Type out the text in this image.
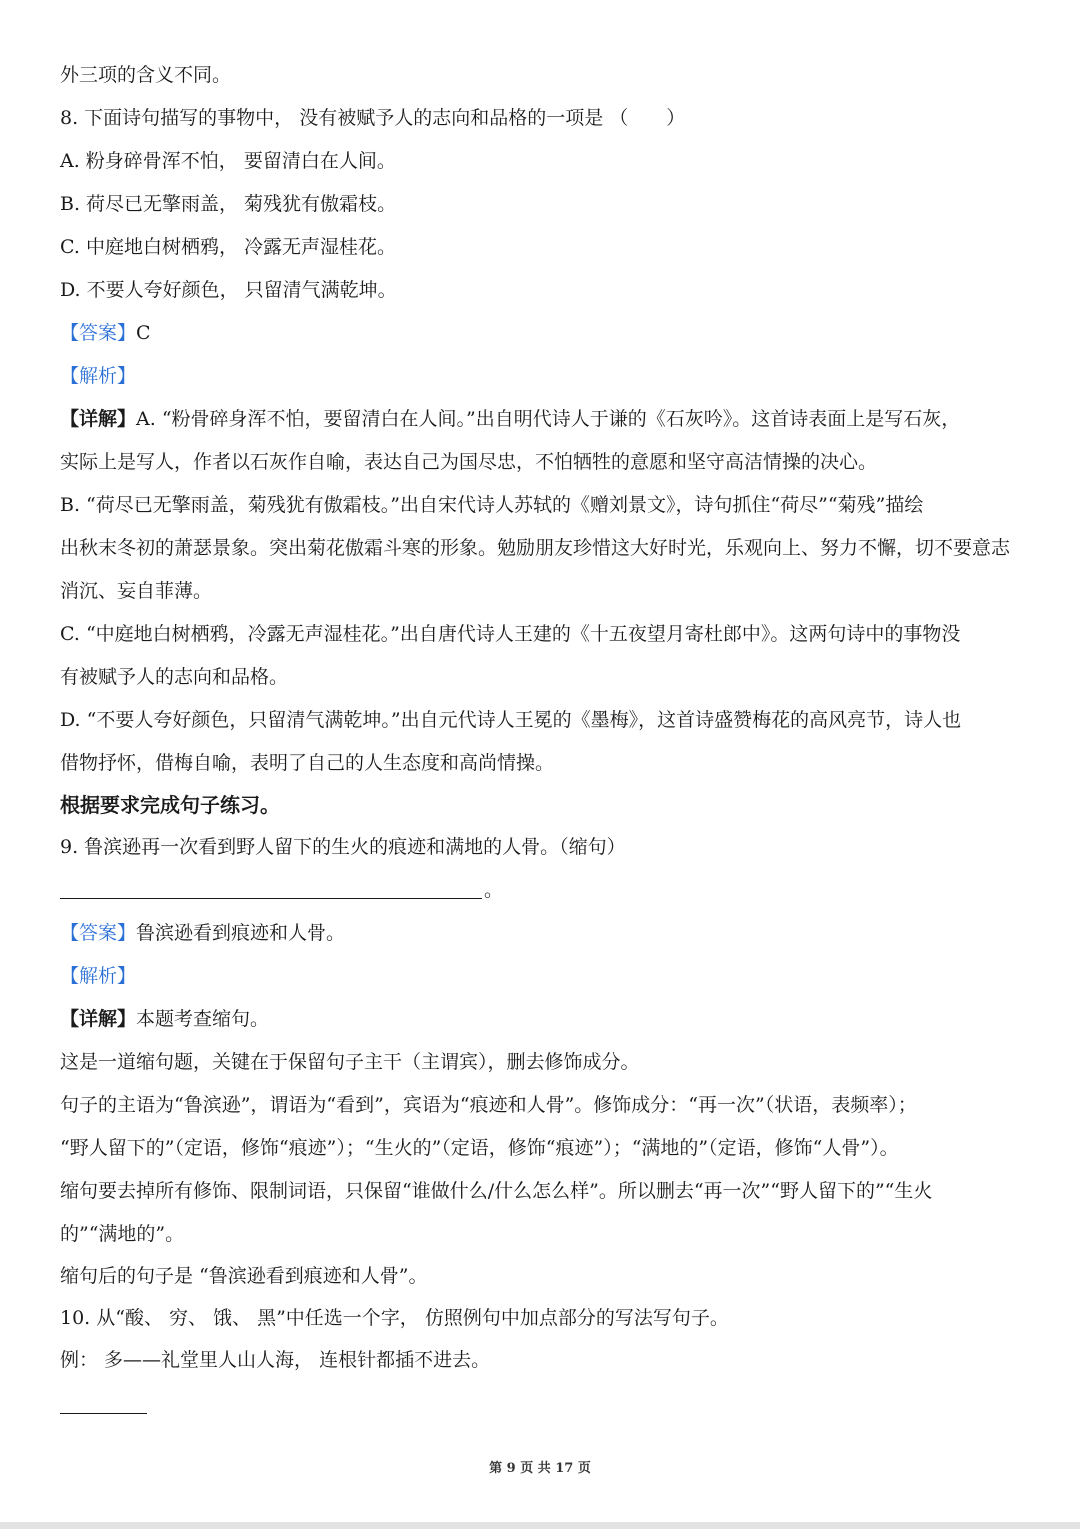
外三项的含义不同。
8. 下面诗句描写的事物中， 没有被赋予人的志向和品格的一项是 （　　）
A. 粉身碎骨浑不怕， 要留清白在人间。
B. 荷尽已无擎雨盖， 菊残犹有傲霜枝。
C. 中庭地白树栖鸦， 冷露无声湿桂花。
D. 不要人夸好颜色， 只留清气满乾坤。
【答案】C
【解析】
【详解】A. “粉骨碎身浑不怕，要留清白在人间。”出自明代诗人于谦的《石灰吟》。这首诗表面上是写石灰，
实际上是写人，作者以石灰作自喻，表达自己为国尽忠，不怕牺牲的意愿和坚守高洁情操的决心。
B. “荷尽已无擎雨盖，菊残犹有傲霜枝。”出自宋代诗人苏轼的《赠刘景文》，诗句抓住“荷尽”“菊残”描绘
出秋末冬初的萧瑟景象。突出菊花傲霜斗寒的形象。勉励朋友珍惜这大好时光，乐观向上、努力不懈，切不要意志
消沉、妄自菲薄。
C. “中庭地白树栖鸦，冷露无声湿桂花。”出自唐代诗人王建的《十五夜望月寄杜郎中》。这两句诗中的事物没
有被赋予人的志向和品格。
D. “不要人夸好颜色，只留清气满乾坤。”出自元代诗人王冕的《墨梅》，这首诗盛赞梅花的高风亮节，诗人也
借物抒怀，借梅自喻，表明了自己的人生态度和高尚情操。
根据要求完成句子练习。
9. 鲁滨逊再一次看到野人留下的生火的痕迹和满地的人骨。（缩句）
。
【答案】鲁滨逊看到痕迹和人骨。
【解析】
【详解】本题考查缩句。
这是一道缩句题，关键在于保留句子主干（主谓宾），删去修饰成分。
句子的主语为“鲁滨逊”，谓语为“看到”，宾语为“痕迹和人骨”。修饰成分：“再一次”（状语，表频率）；
“野人留下的”（定语，修饰“痕迹”）；“生火的”（定语，修饰“痕迹”）；“满地的”（定语，修饰“人骨”）。
缩句要去掉所有修饰、限制词语，只保留“谁做什么/什么怎么样”。所以删去“再一次”“野人留下的”“生火
的”“满地的”。
缩句后的句子是 “鲁滨逊看到痕迹和人骨”。
10. 从“酸、 穷、 饿、 黑”中任选一个字， 仿照例句中加点部分的写法写句子。
例： 多——礼堂里人山人海， 连根针都插不进去。
第 9 页 共 17 页
